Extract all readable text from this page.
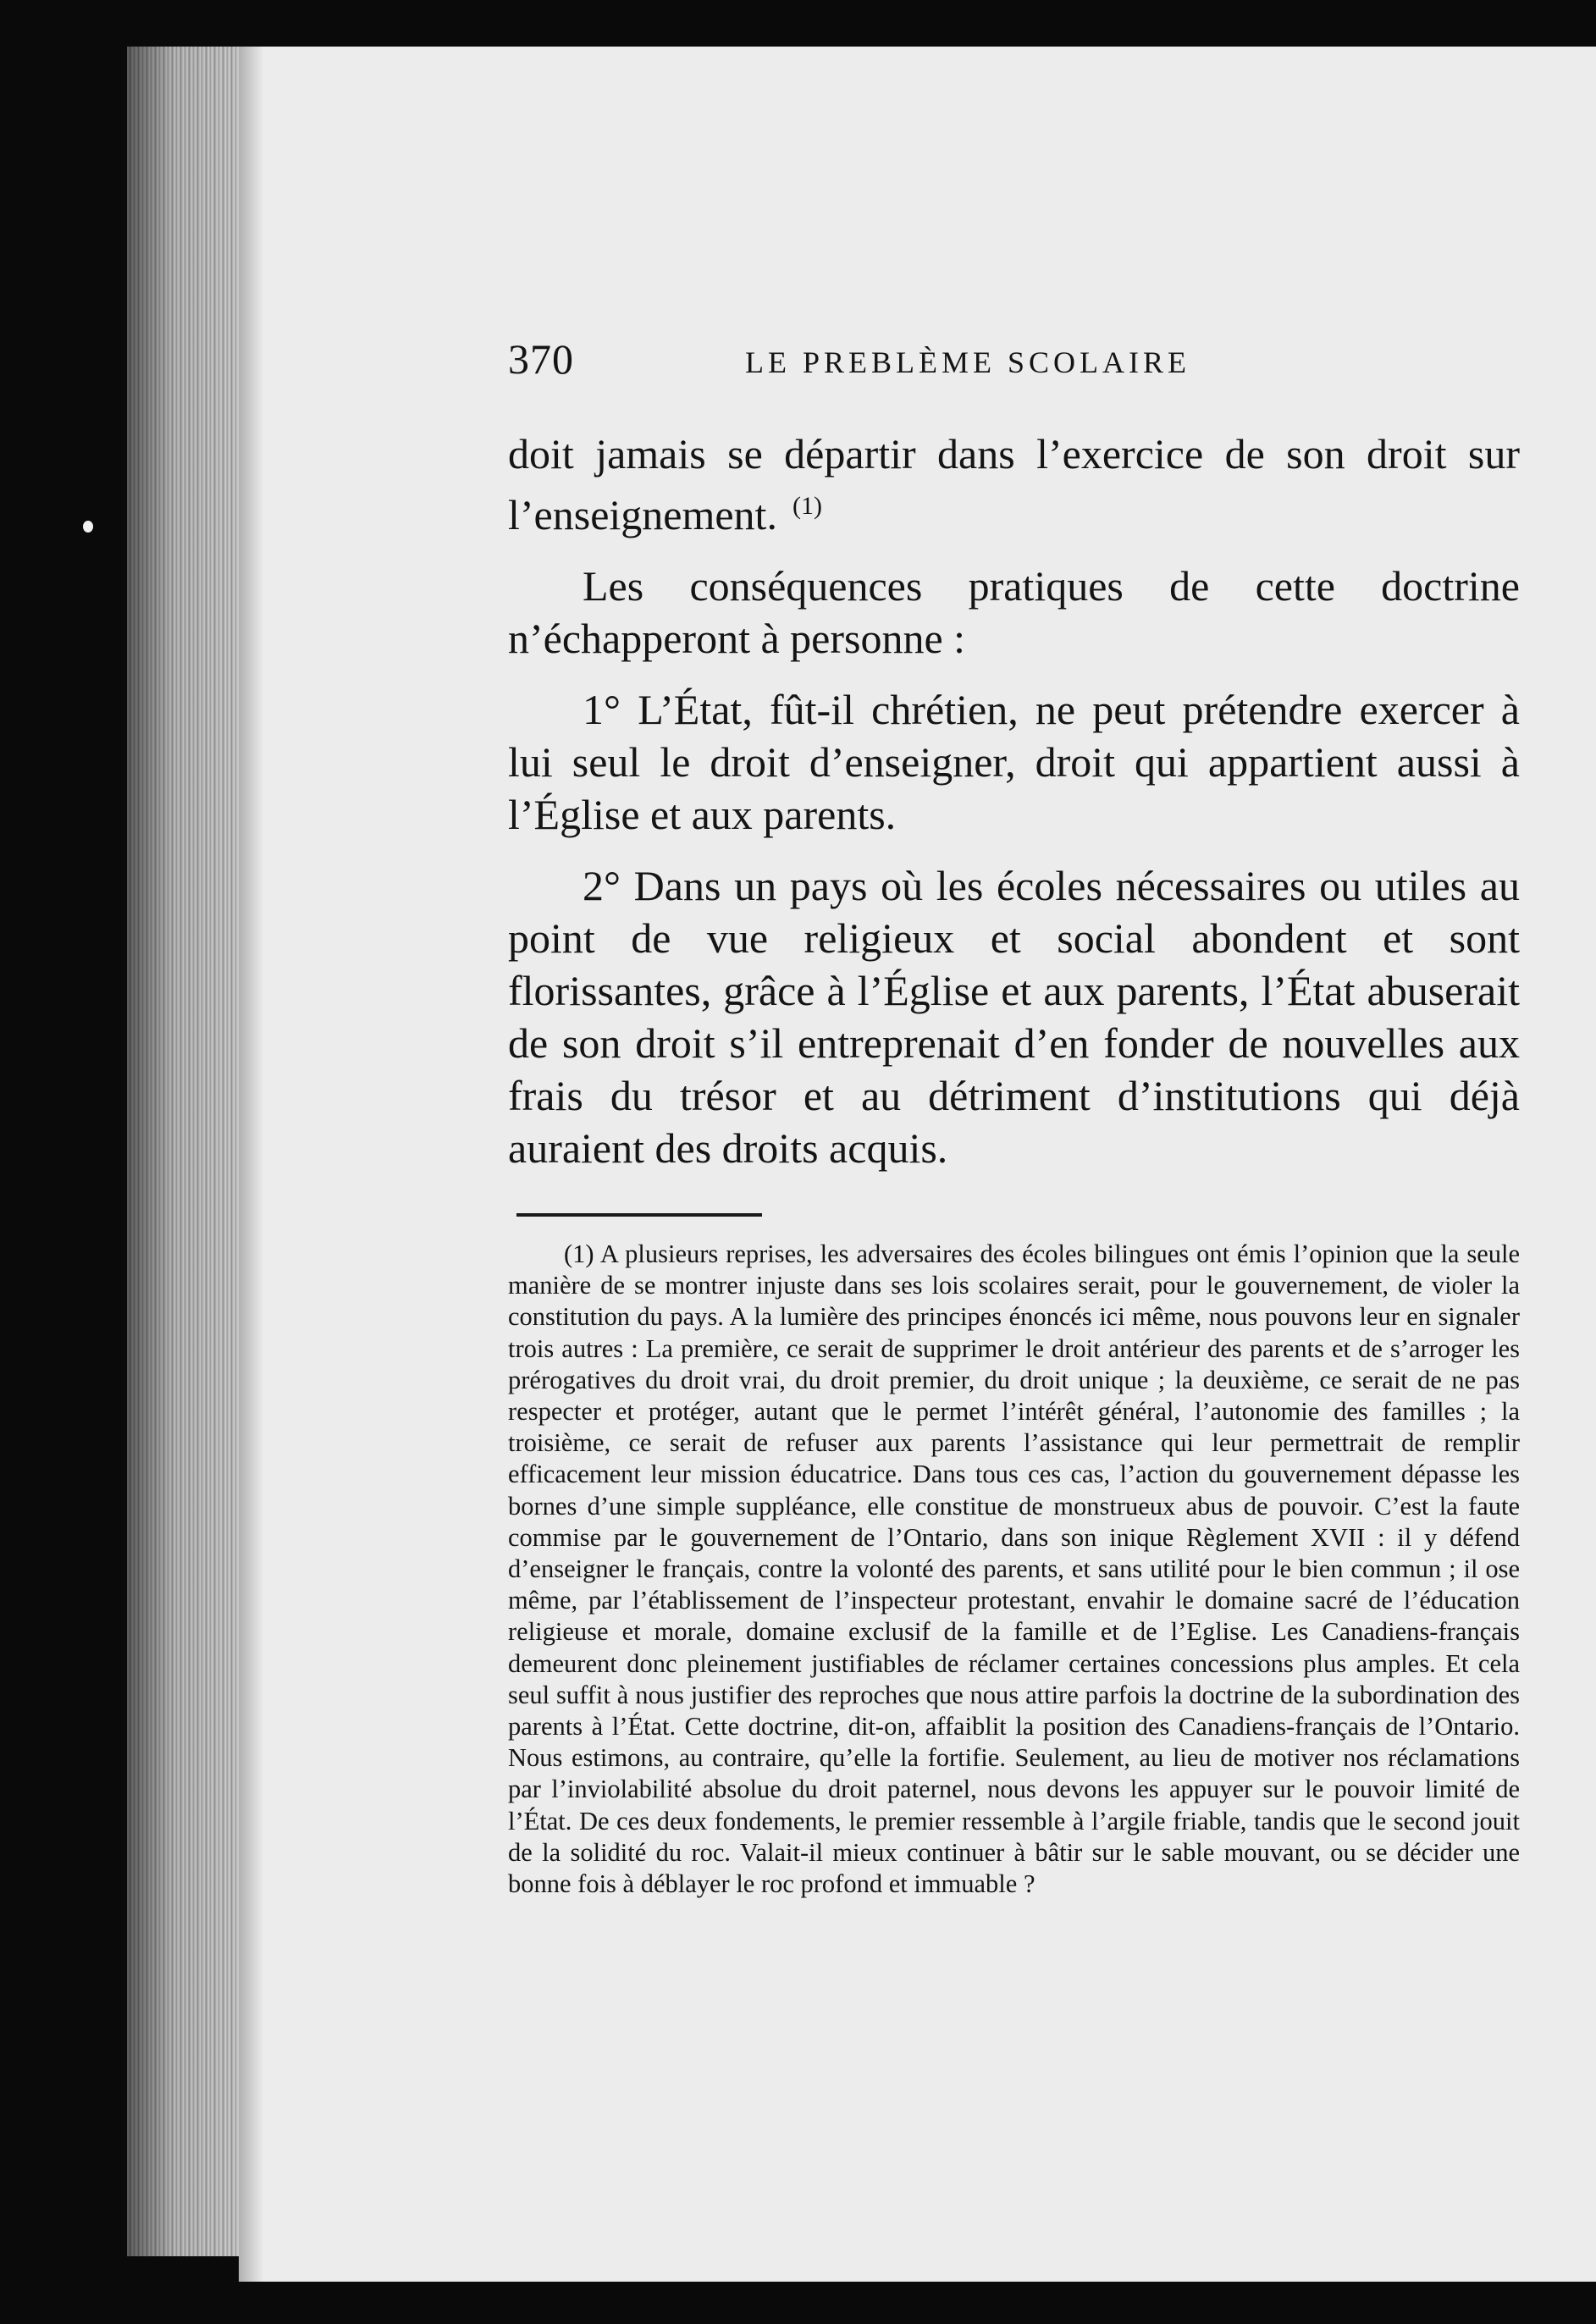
370	LE PREBLÈME SCOLAIRE

doit jamais se départir dans l’exercice de son droit sur l’enseignement. $^{(1)}$

Les conséquences pratiques de cette doctrine n’échapperont à personne :

1° L’État, fût-il chrétien, ne peut prétendre exercer à lui seul le droit d’enseigner, droit qui appartient aussi à l’Église et aux parents.

2° Dans un pays où les écoles nécessaires ou utiles au point de vue religieux et social abondent et sont florissantes, grâce à l’Église et aux parents, l’État abuserait de son droit s’il entreprenait d’en fonder de nouvelles aux frais du trésor et au détriment d’institutions qui déjà auraient des droits acquis.

(1) A plusieurs reprises, les adversaires des écoles bilingues ont émis l’opinion que la seule manière de se montrer injuste dans ses lois scolaires serait, pour le gouvernement, de violer la constitution du pays. A la lumière des principes énoncés ici même, nous pouvons leur en signaler trois autres : La première, ce serait de supprimer le droit antérieur des parents et de s’arroger les prérogatives du droit vrai, du droit premier, du droit unique ; la deuxième, ce serait de ne pas respecter et protéger, autant que le permet l’intérêt général, l’autonomie des familles ; la troisième, ce serait de refuser aux parents l’assistance qui leur permettrait de remplir efficacement leur mission éducatrice. Dans tous ces cas, l’action du gouvernement dépasse les bornes d’une simple suppléance, elle constitue de monstrueux abus de pouvoir. C’est la faute commise par le gouvernement de l’Ontario, dans son inique Règlement XVII : il y défend d’enseigner le français, contre la volonté des parents, et sans utilité pour le bien commun ; il ose même, par l’établissement de l’inspecteur protestant, envahir le domaine sacré de l’éducation religieuse et morale, domaine exclusif de la famille et de l’Eglise. Les Canadiens-français demeurent donc pleinement justifiables de réclamer certaines concessions plus amples. Et cela seul suffit à nous justifier des reproches que nous attire parfois la doctrine de la subordination des parents à l’État. Cette doctrine, dit-on, affaiblit la position des Canadiens-français de l’Ontario. Nous estimons, au contraire, qu’elle la fortifie. Seulement, au lieu de motiver nos réclamations par l’inviolabilité absolue du droit paternel, nous devons les appuyer sur le pouvoir limité de l’État. De ces deux fondements, le premier ressemble à l’argile friable, tandis que le second jouit de la solidité du roc. Valait-il mieux continuer à bâtir sur le sable mouvant, ou se décider une bonne fois à déblayer le roc profond et immuable ?
